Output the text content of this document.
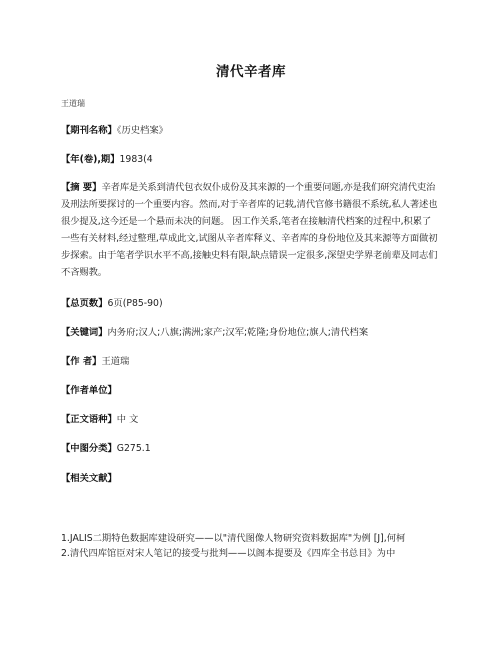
清代辛者库
王道瑞
【期刊名称】《历史档案》
【年(卷),期】1983(4
【摘 要】辛者库是关系到清代包衣奴仆成份及其来源的一个重要问题,亦是我们研究清代吏治及刑法所要探讨的一个重要内容。然而,对于辛者库的记载,清代官修书籍很不系统,私人著述也很少提及,这今还是一个悬而未决的问题。 因工作关系,笔者在接触清代档案的过程中,积累了一些有关材料,经过整理,草成此文,试图从辛者库释义、辛者库的身份地位及其来源等方面做初步探索。由于笔者学识水平不高,接触史料有限,缺点错误一定很多,深望史学界老前辈及同志们不吝赐教。
【总页数】6页(P85-90)
【关键词】内务府;汉人;八旗;满洲;家产;汉军;乾隆;身份地位;旗人;清代档案
【作 者】王道瑞
【作者单位】
【正文语种】中 文
【中图分类】G275.1
【相关文献】
1.JALIS二期特色数据库建设研究——以"清代图像人物研究资料数据库"为例 [J],何柯
2.清代四库馆臣对宋人笔记的接受与批判——以阁本提要及《四库全书总目》为中
